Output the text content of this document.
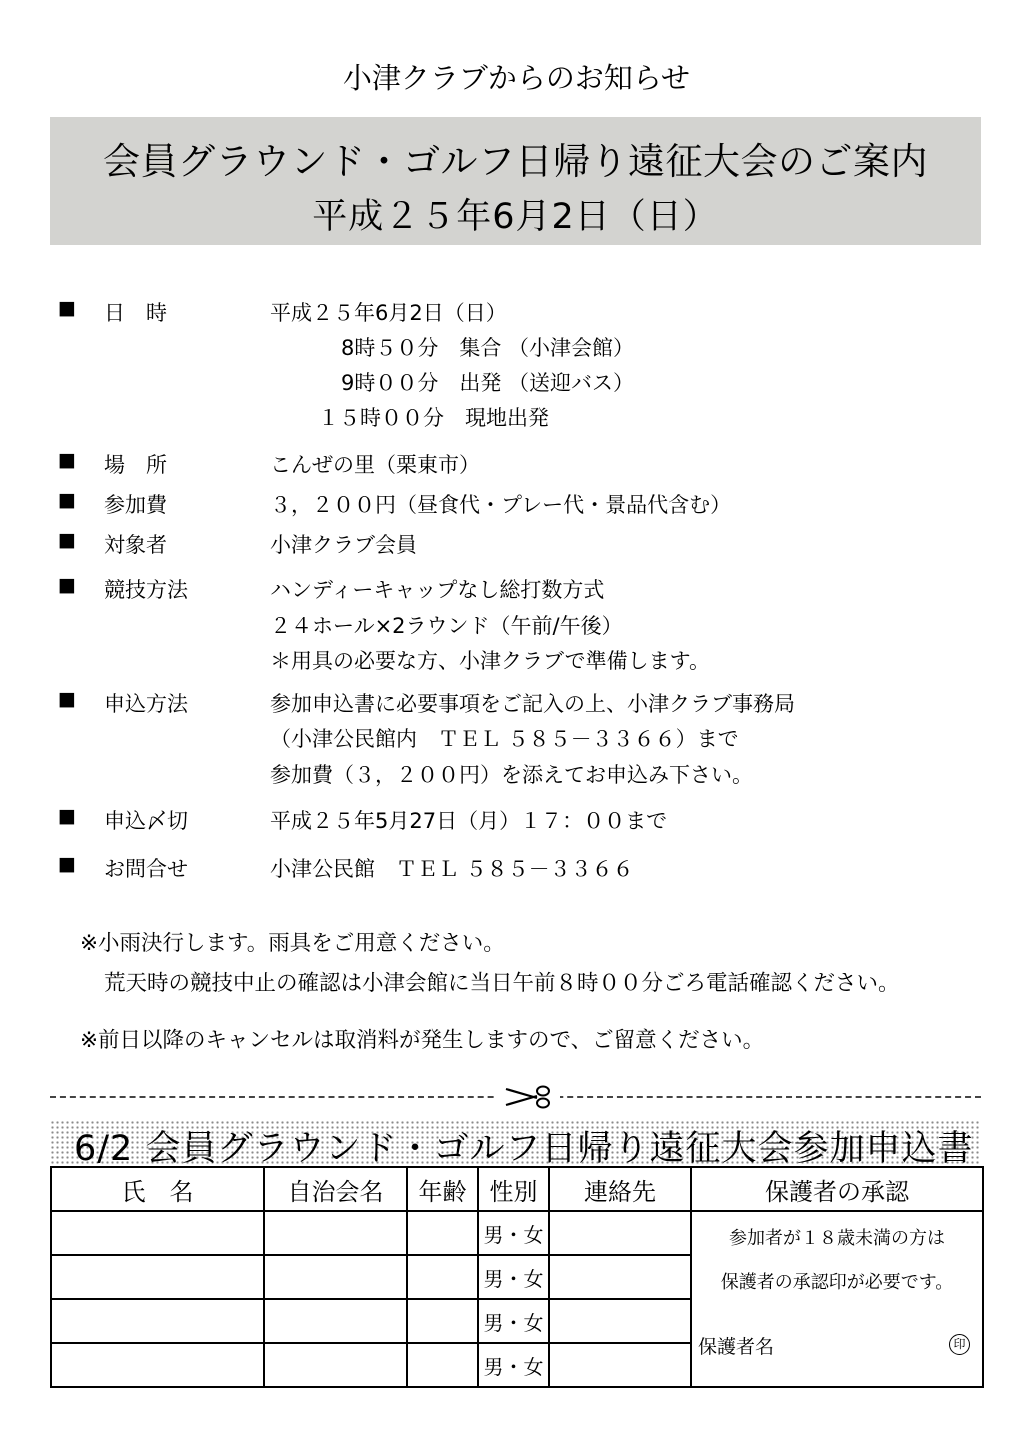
小津クラブからのお知らせ
会員グラウンド・ゴルフ日帰り遠征大会のご案内
平成２５年6月2日（日）
■ 日　時	平成２５年6月2日（日）
8時５０分　集合 （小津会館）
9時００分　出発 （送迎バス）
１５時００分　現地出発
■ 場　所	こんぜの里（栗東市）
■ 参加費	３，２００円（昼食代・プレー代・景品代含む）
■ 対象者	小津クラブ会員
■ 競技方法	ハンディーキャップなし総打数方式
２４ホール×2ラウンド（午前/午後）
＊用具の必要な方、小津クラブで準備します。
■ 申込方法	参加申込書に必要事項をご記入の上、小津クラブ事務局
（小津公民館内　ＴＥＬ ５８５－３３６６）まで
参加費（３，２００円）を添えてお申込み下さい。
■ 申込〆切	平成２５年5月27日（月）１７：００まで
■ お問合せ	小津公民館　ＴＥＬ ５８５－３３６６
※小雨決行します。雨具をご用意ください。
荒天時の競技中止の確認は小津会館に当日午前８時００分ごろ電話確認ください。
※前日以降のキャンセルは取消料が発生しますので、ご留意ください。
6/2 会員グラウンド・ゴルフ日帰り遠征大会参加申込書
氏　名	自治会名	年齢	性別	連絡先	保護者の承認
			男・女		参加者が１８歳未満の方は
保護者の承認印が必要です。
保護者名 印

			男・女		
			男・女		
			男・女		
